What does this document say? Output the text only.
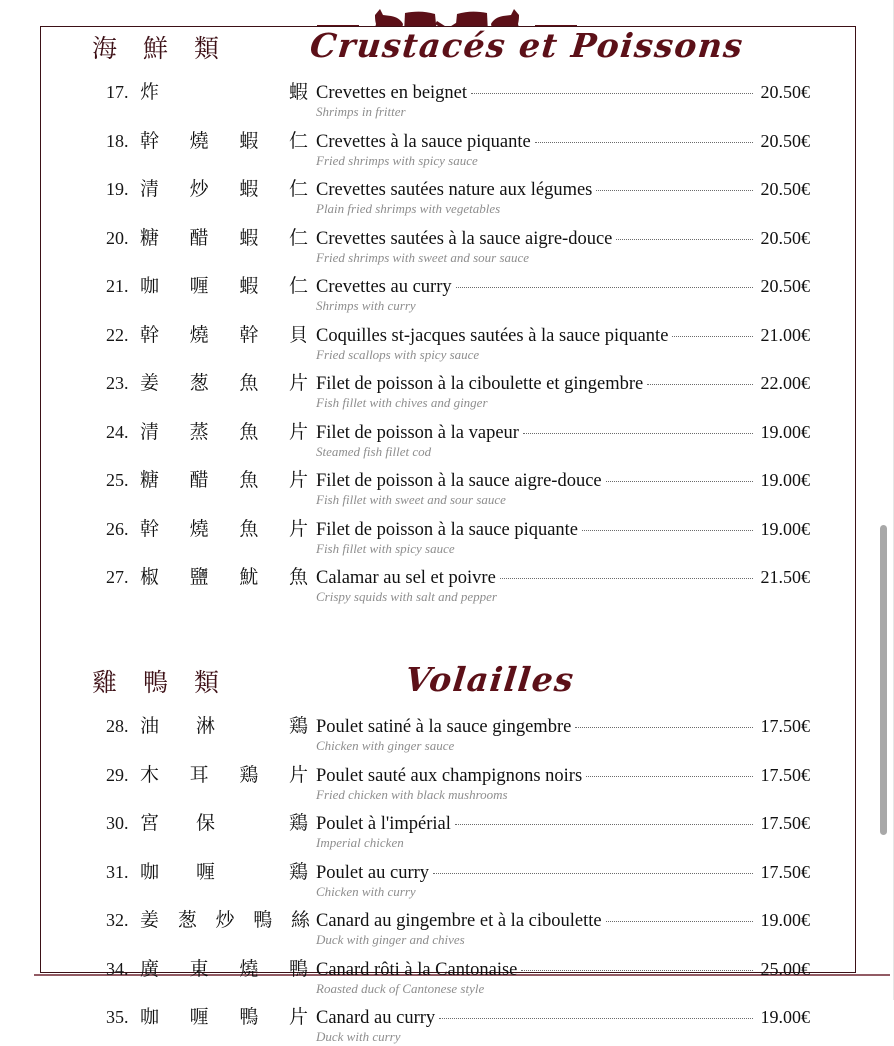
海 鮮 類	Crustacés et Poissons
17. 炸	蝦 Crevettes en beignet	20.50€
Shrimps in fritter
18. 幹 燒 蝦 仁 Crevettes à la sauce piquante	20.50€
Fried shrimps with spicy sauce
19. 清 炒 蝦 仁 Crevettes sautées nature aux légumes	20.50€
Plain fried shrimps with vegetables
20. 糖 醋 蝦 仁 Crevettes sautées à la sauce aigre-douce	20.50€
Fried shrimps with sweet and sour sauce
21. 咖 喱 蝦 仁 Crevettes au curry	20.50€
Shrimps with curry
22. 幹 燒 幹 貝 Coquilles st-jacques sautées à la sauce piquante	21.00€
Fried scallops with spicy sauce
23. 姜 葱 魚 片 Filet de poisson à la ciboulette et gingembre	22.00€
Fish fillet with chives and ginger
24. 清 蒸 魚 片 Filet de poisson à la vapeur	19.00€
Steamed fish fillet cod
25. 糖 醋 魚 片 Filet de poisson à la sauce aigre-douce	19.00€
Fish fillet with sweet and sour sauce
26. 幹 燒 魚 片 Filet de poisson à la sauce piquante	19.00€
Fish fillet with spicy sauce
27. 椒 鹽 魷 魚 Calamar au sel et poivre	21.50€
Crispy squids with salt and pepper
雞 鴨 類	Volailles
28. 油 淋	鶏 Poulet satiné à la sauce gingembre	17.50€
Chicken with ginger sauce
29. 木 耳 鶏 片 Poulet sauté aux champignons noirs	17.50€
Fried chicken with black mushrooms
30. 宮 保	鶏 Poulet à l'impérial	17.50€
Imperial chicken
31. 咖 喱	鶏 Poulet au curry	17.50€
Chicken with curry
32. 姜 葱 炒 鴨 絲 Canard au gingembre et à la ciboulette	19.00€
Duck with ginger and chives
34. 廣 東 燒 鴨 Canard rôti à la Cantonaise	25.00€
Roasted duck of Cantonese style
35. 咖 喱 鴨 片 Canard au curry	19.00€
Duck with curry
